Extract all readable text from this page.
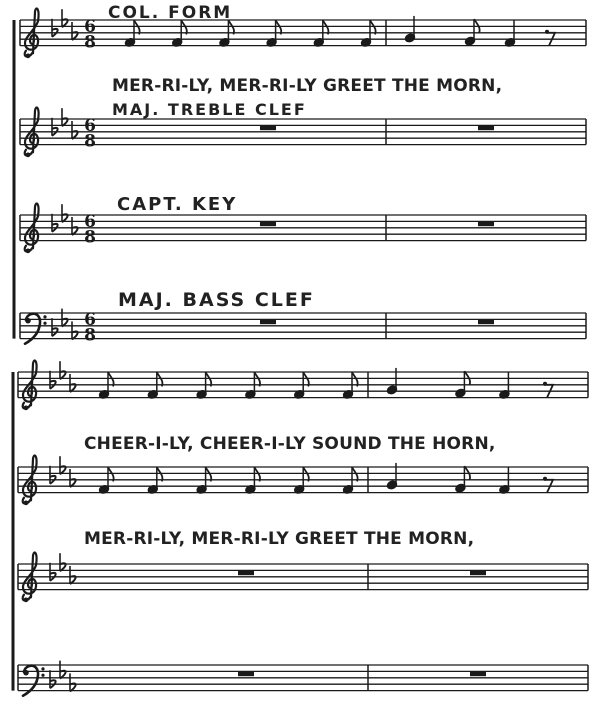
6
8
6
8
6
8
6
8
COL. FORM
MER-RI-LY, MER-RI-LY GREET THE MORN,
MAJ. TREBLE CLEF
CAPT. KEY
MAJ. BASS CLEF
CHEER-I-LY, CHEER-I-LY SOUND THE HORN,
MER-RI-LY, MER-RI-LY GREET THE MORN,
